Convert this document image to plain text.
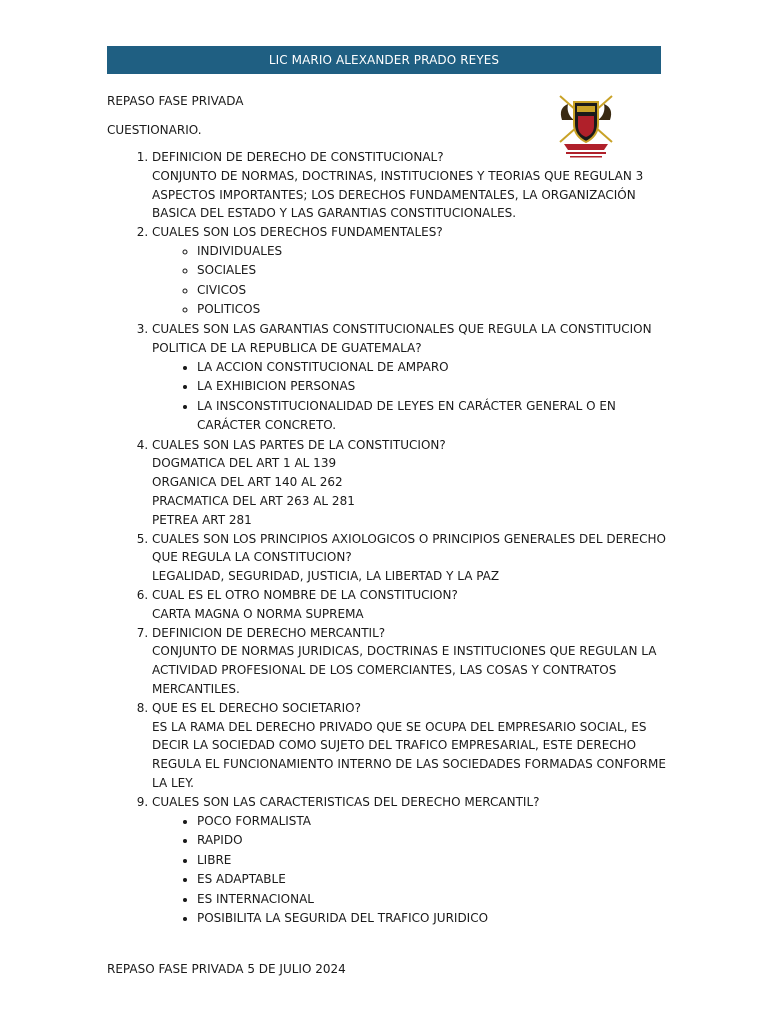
LIC MARIO ALEXANDER PRADO REYES
REPASO FASE PRIVADA
CUESTIONARIO.
1. DEFINICION DE DERECHO DE CONSTITUCIONAL?
CONJUNTO DE NORMAS, DOCTRINAS, INSTITUCIONES Y TEORIAS QUE REGULAN 3 ASPECTOS IMPORTANTES; LOS DERECHOS FUNDAMENTALES, LA ORGANIZACIÓN BASICA DEL ESTADO Y LAS GARANTIAS CONSTITUCIONALES.
2. CUALES SON LOS DERECHOS FUNDAMENTALES?
◦ INDIVIDUALES
◦ SOCIALES
◦ CIVICOS
◦ POLITICOS
3. CUALES SON LAS GARANTIAS CONSTITUCIONALES QUE REGULA LA CONSTITUCION POLITICA DE LA REPUBLICA DE GUATEMALA?
• LA ACCION CONSTITUCIONAL DE AMPARO
• LA EXHIBICION PERSONAS
• LA INSCONSTITUCIONALIDAD DE LEYES EN CARÁCTER GENERAL O EN CARÁCTER CONCRETO.
4. CUALES SON LAS PARTES DE LA CONSTITUCION?
DOGMATICA DEL ART 1 AL 139
ORGANICA DEL ART 140 AL 262
PRACMATICA DEL ART 263 AL 281
PETREA ART 281
5. CUALES SON LOS PRINCIPIOS AXIOLOGICOS O PRINCIPIOS GENERALES DEL DERECHO QUE REGULA LA CONSTITUCION?
LEGALIDAD, SEGURIDAD, JUSTICIA, LA LIBERTAD Y LA PAZ
6. CUAL ES EL OTRO NOMBRE DE LA CONSTITUCION?
CARTA MAGNA O NORMA SUPREMA
7. DEFINICION DE DERECHO MERCANTIL?
CONJUNTO DE NORMAS JURIDICAS, DOCTRINAS E INSTITUCIONES QUE REGULAN LA ACTIVIDAD PROFESIONAL DE LOS COMERCIANTES, LAS COSAS Y CONTRATOS MERCANTILES.
8. QUE ES EL DERECHO SOCIETARIO?
ES LA RAMA DEL DERECHO PRIVADO QUE SE OCUPA DEL EMPRESARIO SOCIAL, ES DECIR LA SOCIEDAD COMO SUJETO DEL TRAFICO EMPRESARIAL, ESTE DERECHO REGULA EL FUNCIONAMIENTO INTERNO DE LAS SOCIEDADES FORMADAS CONFORME LA LEY.
9. CUALES SON LAS CARACTERISTICAS DEL DERECHO MERCANTIL?
• POCO FORMALISTA
• RAPIDO
• LIBRE
• ES ADAPTABLE
• ES INTERNACIONAL
• POSIBILITA LA SEGURIDA DEL TRAFICO JURIDICO
REPASO FASE PRIVADA 5 DE JULIO 2024
